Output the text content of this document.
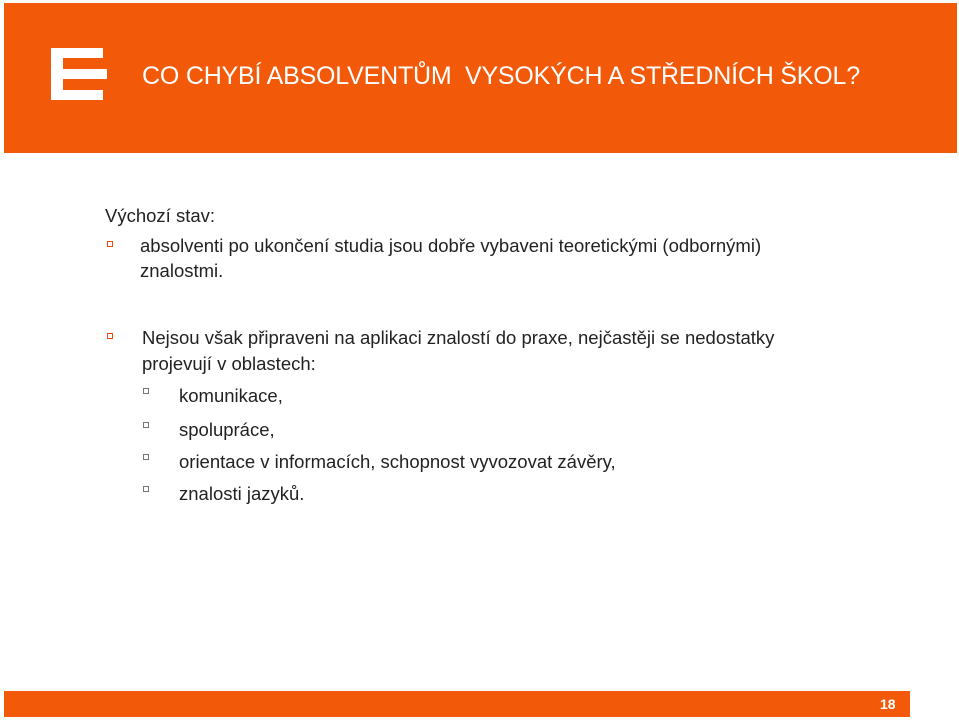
CO CHYBÍ ABSOLVENTŮM  VYSOKÝCH A STŘEDNÍCH ŠKOL?
Výchozí stav:
absolventi po ukončení studia jsou dobře vybaveni teoretickými (odbornými)
znalostmi.
Nejsou však připraveni na aplikaci znalostí do praxe, nejčastěji se nedostatky
projevují v oblastech:
komunikace,
spolupráce,
orientace v informacích, schopnost vyvozovat závěry,
znalosti jazyků.
18
